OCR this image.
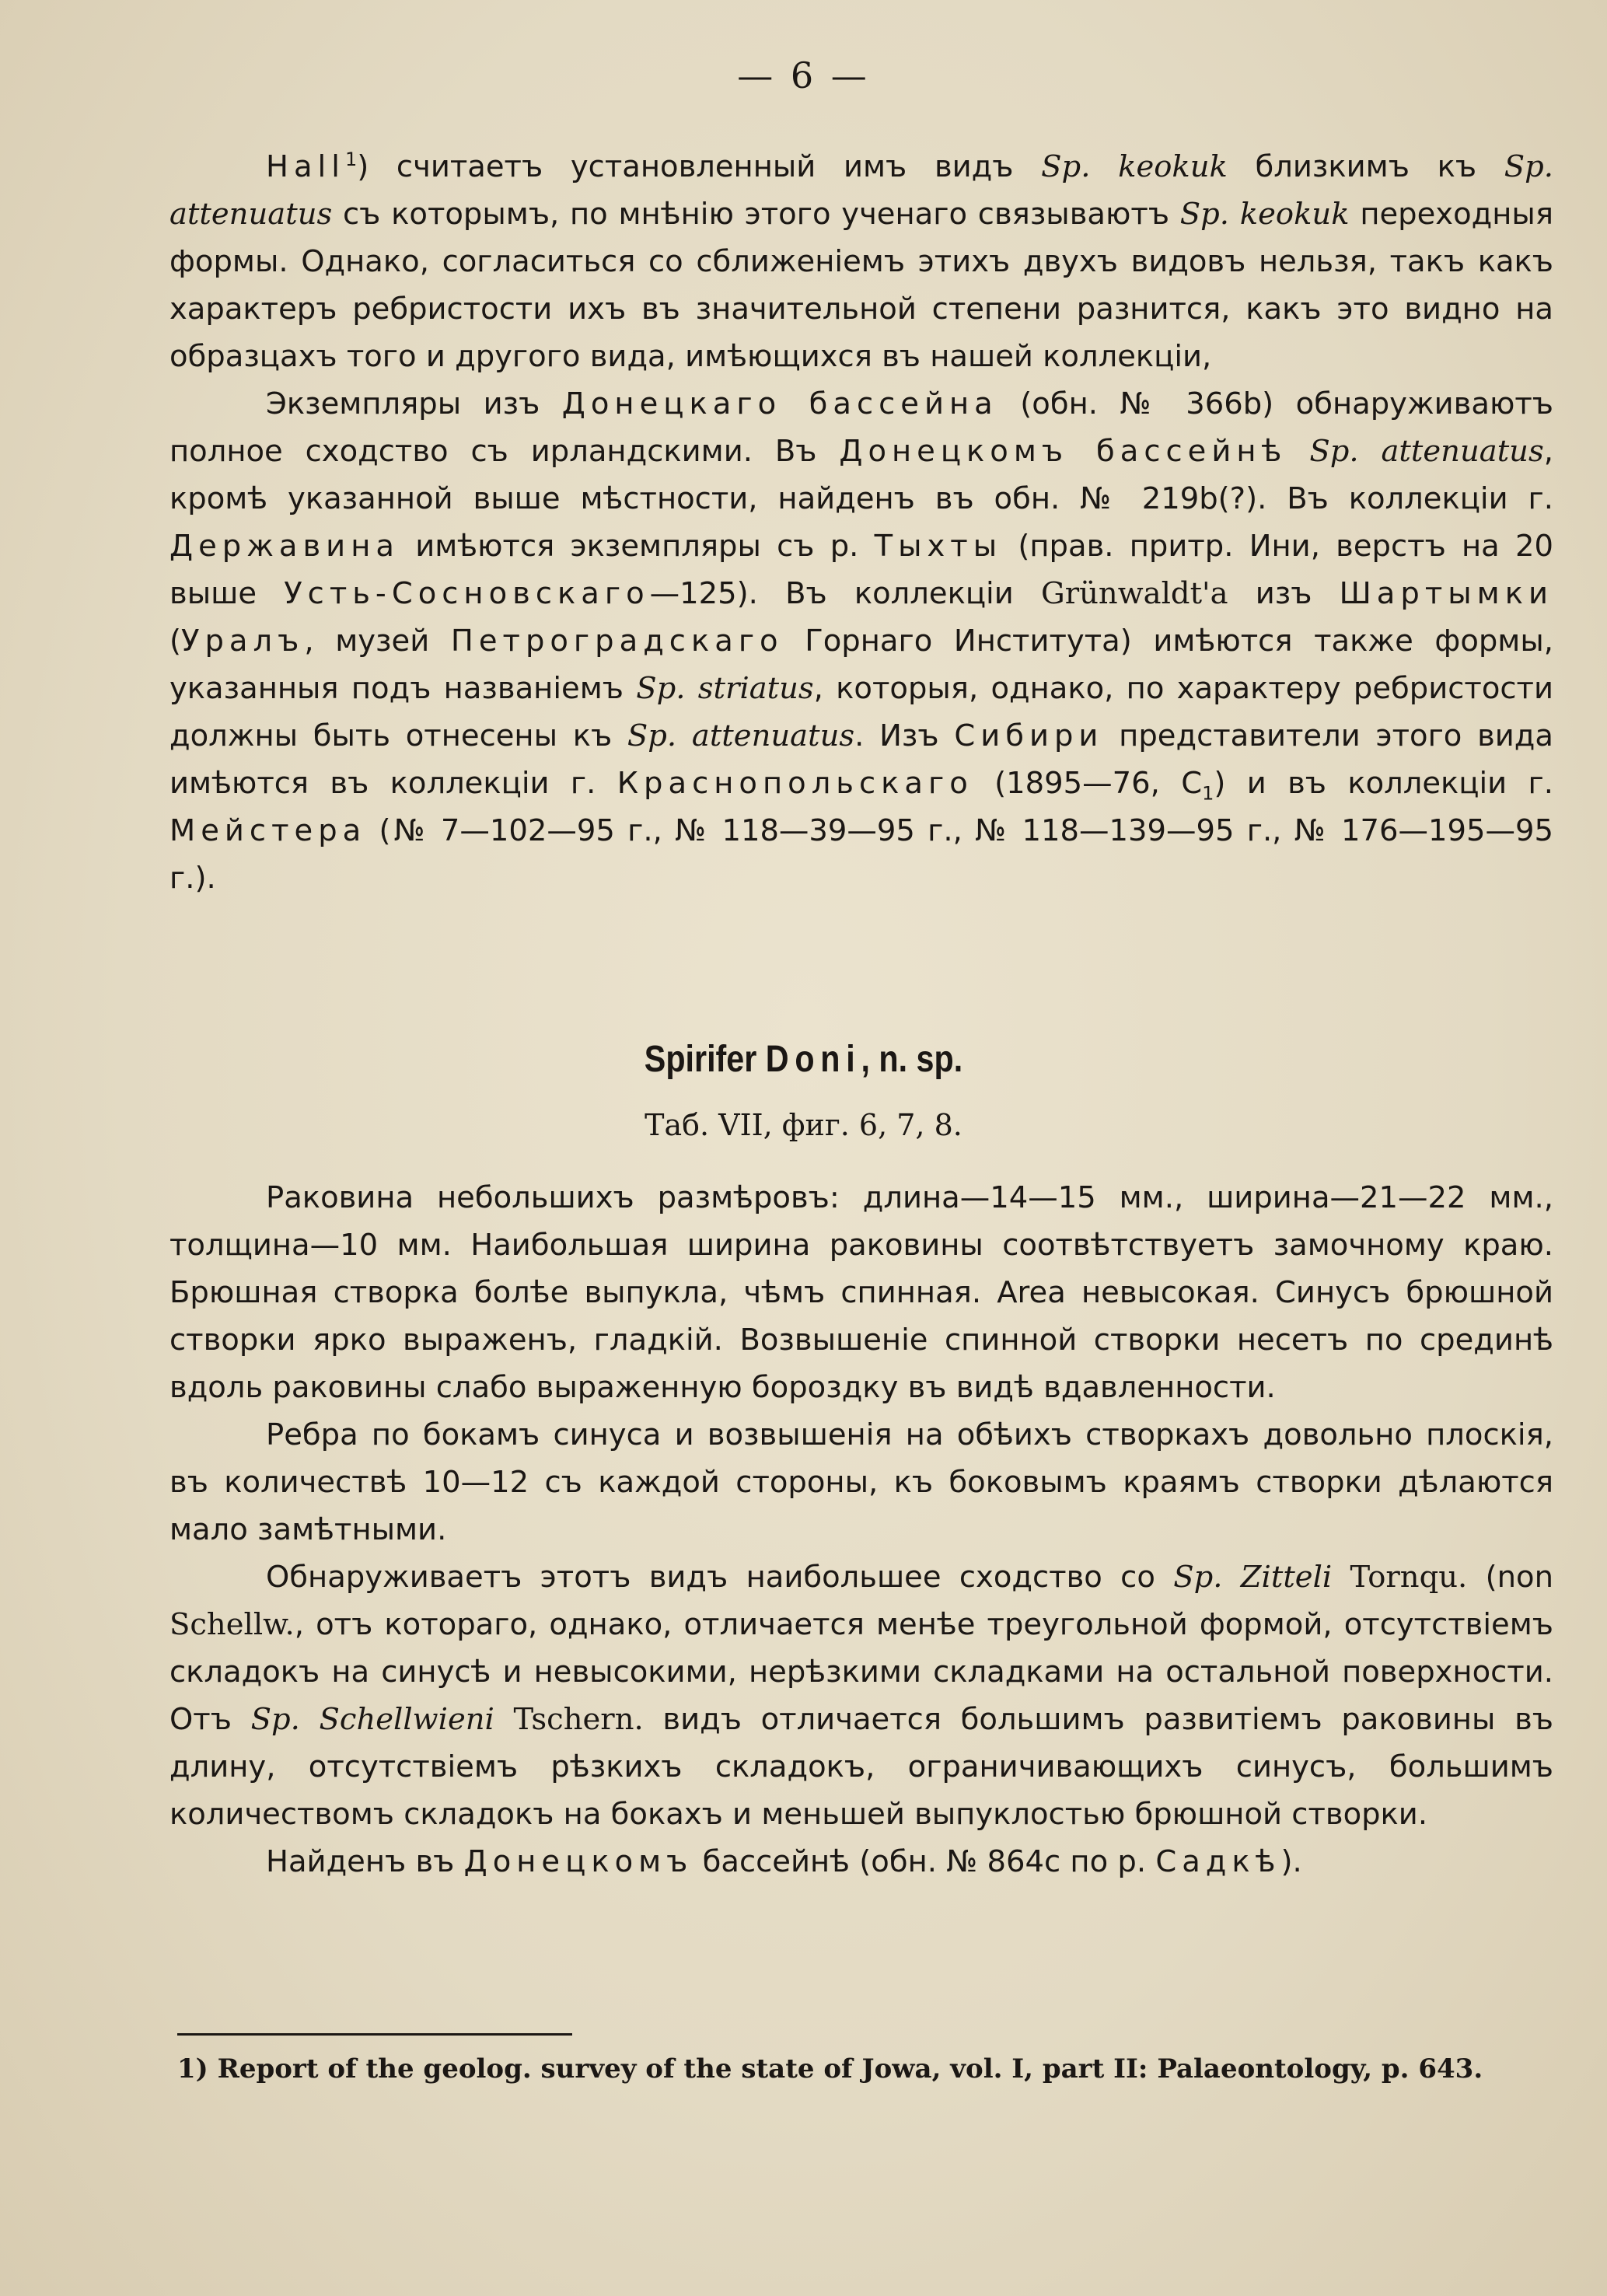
— 6 —

Hall$^1$) считаетъ установленный имъ видъ Sp. keokuk близкимъ къ Sp. attenuatus съ которымъ, по мнѣнію этого ученаго связываютъ Sp. keokuk переходныя формы. Однако, согласиться со сближеніемъ этихъ двухъ видовъ нельзя, такъ какъ характеръ ребристости ихъ въ значительной степени разнится, какъ это видно на образцахъ того и другого вида, имѣющихся въ нашей коллекціи,

Экземпляры изъ Донецкаго бассейна (обн. № 366b) обнаруживаютъ полное сходство съ ирландскими. Въ Донецкомъ бассейнѣ Sp. attenuatus, кромѣ указанной выше мѣстности, найденъ въ обн. № 219b(?). Въ коллекціи г. Державина имѣются экземпляры съ р. Тыхты (прав. притр. Ини, верстъ на 20 выше Усть-Сосновскаго—125). Въ коллекціи Grünwaldt'a изъ Шартымки (Уралъ, музей Петроградскаго Горнаго Института) имѣются также формы, указанныя подъ названіемъ Sp. striatus, которыя, однако, по характеру ребристости должны быть отнесены къ Sp. attenuatus. Изъ Сибири представители этого вида имѣются въ коллекціи г. Краснопольскаго (1895—76, $C_1$) и въ коллекціи г. Мейстера (№ 7—102—95 г., № 118—39—95 г., № 118—139—95 г., № 176—195—95 г.).

Spirifer Doni, n. sp.
Таб. VII, фиг. 6, 7, 8.

Раковина небольшихъ размѣровъ: длина—14—15 мм., ширина—21—22 мм., толщина—10 мм. Наибольшая ширина раковины соотвѣтствуетъ замочному краю. Брюшная створка болѣе выпукла, чѣмъ спинная. Area невысокая. Синусъ брюшной створки ярко выраженъ, гладкій. Возвышеніе спинной створки несетъ по срединѣ вдоль раковины слабо выраженную бороздку въ видѣ вдавленности.

Ребра по бокамъ синуса и возвышенія на обѣихъ створкахъ довольно плоскія, въ количествѣ 10—12 съ каждой стороны, къ боковымъ краямъ створки дѣлаются мало замѣтными.

Обнаруживаетъ этотъ видъ наибольшее сходство со Sp. Zitteli Tornqu. (non Schellw., отъ котораго, однако, отличается менѣе треугольной формой, отсутствіемъ складокъ на синусѣ и невысокими, нерѣзкими складками на остальной поверхности. Отъ Sp. Schellwieni Tschern. видъ отличается большимъ развитіемъ раковины въ длину, отсутствіемъ рѣзкихъ складокъ, ограничивающихъ синусъ, большимъ количествомъ складокъ на бокахъ и меньшей выпуклостью брюшной створки.

Найденъ въ Донецкомъ бассейнѣ (обн. № 864c по р. Садкѣ).

1) Report of the geolog. survey of the state of Jowa, vol. I, part II: Palaeontology, p. 643.
